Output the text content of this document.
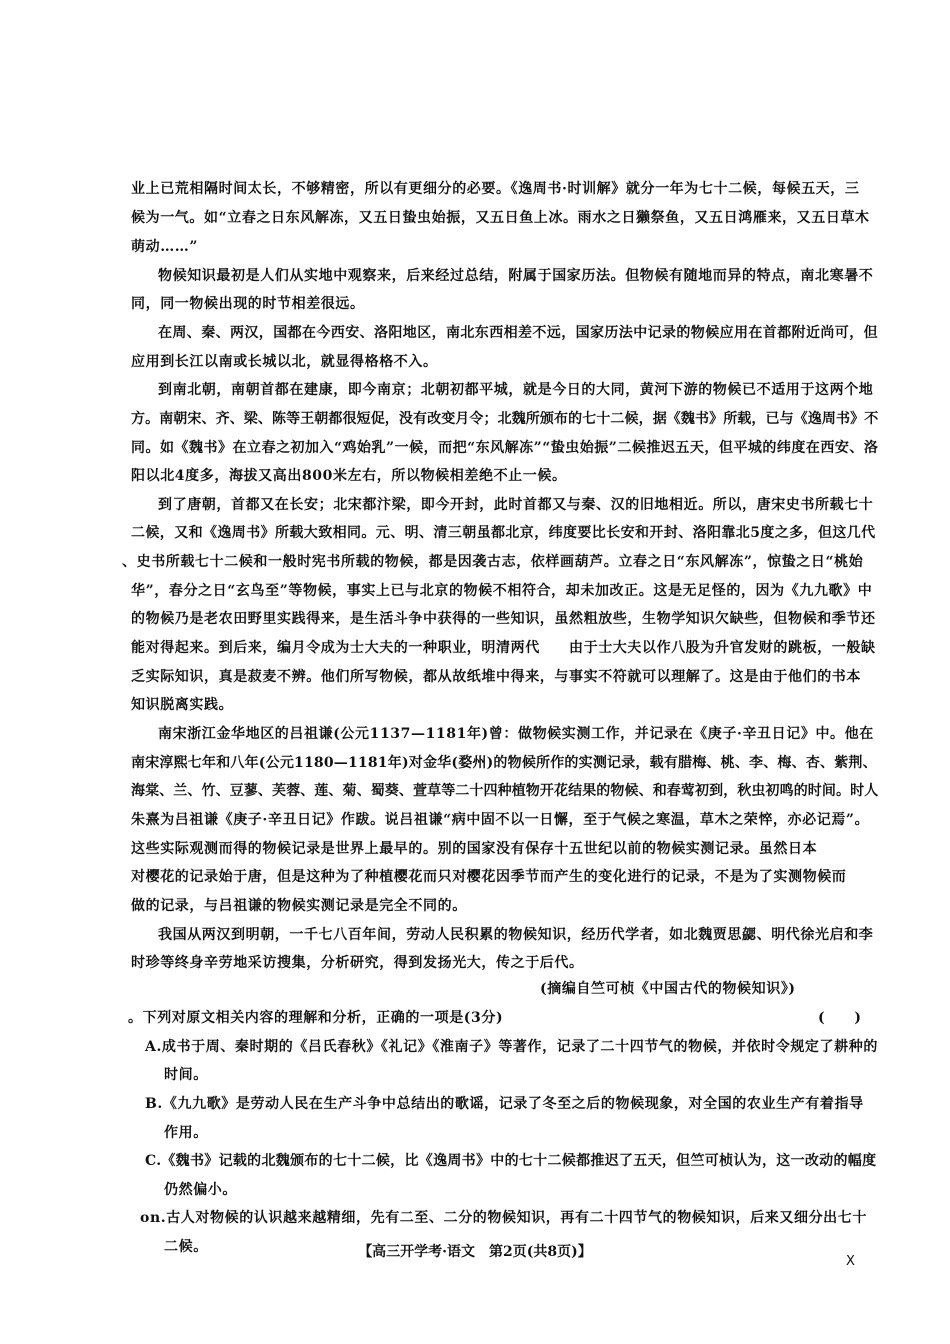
业上已荒相隔时间太长，不够精密，所以有更细分的必要。《逸周书·时训解》就分一年为七十二候，每候五天，三
候为一气。如“立春之日东风解冻，又五日蛰虫始振，又五日鱼上冰。雨水之日獭祭鱼，又五日鸿雁来，又五日草木
萌动……”
物候知识最初是人们从实地中观察来，后来经过总结，附属于国家历法。但物候有随地而异的特点，南北寒暑不
同，同一物候出现的时节相差很远。
在周、秦、两汉，国都在今西安、洛阳地区，南北东西相差不远，国家历法中记录的物候应用在首都附近尚可，但
应用到长江以南或长城以北，就显得格格不入。
到南北朝，南朝首都在建康，即今南京；北朝初都平城，就是今日的大同，黄河下游的物候已不适用于这两个地
方。南朝宋、齐、梁、陈等王朝都很短促，没有改变月令；北魏所颁布的七十二候，据《魏书》所载，已与《逸周书》不
同。如《魏书》在立春之初加入“鸡始乳”一候，而把“东风解冻”“蛰虫始振”二候推迟五天，但平城的纬度在西安、洛
阳以北4度多，海拔又高出800米左右，所以物候相差绝不止一候。
到了唐朝，首都又在长安；北宋都汴梁，即今开封，此时首都又与秦、汉的旧地相近。所以，唐宋史书所载七十
二候，又和《逸周书》所载大致相同。元、明、清三朝虽都北京，纬度要比长安和开封、洛阳靠北5度之多，但这几代
、史书所载七十二候和一般时宪书所载的物候，都是因袭古志，依样画葫芦。立春之日“东风解冻”，惊蛰之日“桃始
华”，春分之日“玄鸟至”等物候，事实上已与北京的物候不相符合，却未加改正。这是无足怪的，因为《九九歌》中
的物候乃是老农田野里实践得来，是生活斗争中获得的一些知识，虽然粗放些，生物学知识欠缺些，但物候和季节还
能对得起来。到后来，编月令成为士大夫的一种职业，明清两代　　由于士大夫以作八股为升官发财的跳板，一般缺
乏实际知识，真是菽麦不辨。他们所写物候，都从故纸堆中得来，与事实不符就可以理解了。这是由于他们的书本
知识脱离实践。
南宋浙江金华地区的吕祖谦(公元1137—1181年)曾：做物候实测工作，并记录在《庚子·辛丑日记》中。他在
南宋淳熙七年和八年(公元1180—1181年)对金华(婺州)的物候所作的实测记录，载有腊梅、桃、李、梅、杏、紫荆、
海棠、兰、竹、豆蓼、芙蓉、莲、菊、蜀葵、萱草等二十四种植物开花结果的物候、和春莺初到，秋虫初鸣的时间。时人
朱熹为吕祖谦《庚子·辛丑日记》作跋。说吕祖谦“病中固不以一日懈，至于气候之寒温，草木之荣悴，亦必记焉”。
这些实际观测而得的物候记录是世界上最早的。别的国家没有保存十五世纪以前的物候实测记录。虽然日本
对樱花的记录始于唐，但是这种为了种植樱花而只对樱花因季节而产生的变化进行的记录，不是为了实测物候而
做的记录，与吕祖谦的物候实测记录是完全不同的。
我国从两汉到明朝，一千七八百年间，劳动人民积累的物候知识，经历代学者，如北魏贾思勰、明代徐光启和李
时珍等终身辛劳地采访搜集，分析研究，得到发扬光大，传之于后代。
(摘编自竺可桢《中国古代的物候知识》)
。下列对原文相关内容的理解和分析，正确的一项是(3分)	(　　)
A.成书于周、秦时期的《吕氏春秋》《礼记》《淮南子》等著作，记录了二十四节气的物候，并依时令规定了耕种的
时间。
B.《九九歌》是劳动人民在生产斗争中总结出的歌谣，记录了冬至之后的物候现象，对全国的农业生产有着指导
作用。
C.《魏书》记载的北魏颁布的七十二候，比《逸周书》中的七十二候都推迟了五天，但竺可桢认为，这一改动的幅度
仍然偏小。
on.古人对物候的认识越来越精细，先有二至、二分的物候知识，再有二十四节气的物候知识，后来又细分出七十
二候。	【高三开学考·语文　第2页(共8页)】
X
